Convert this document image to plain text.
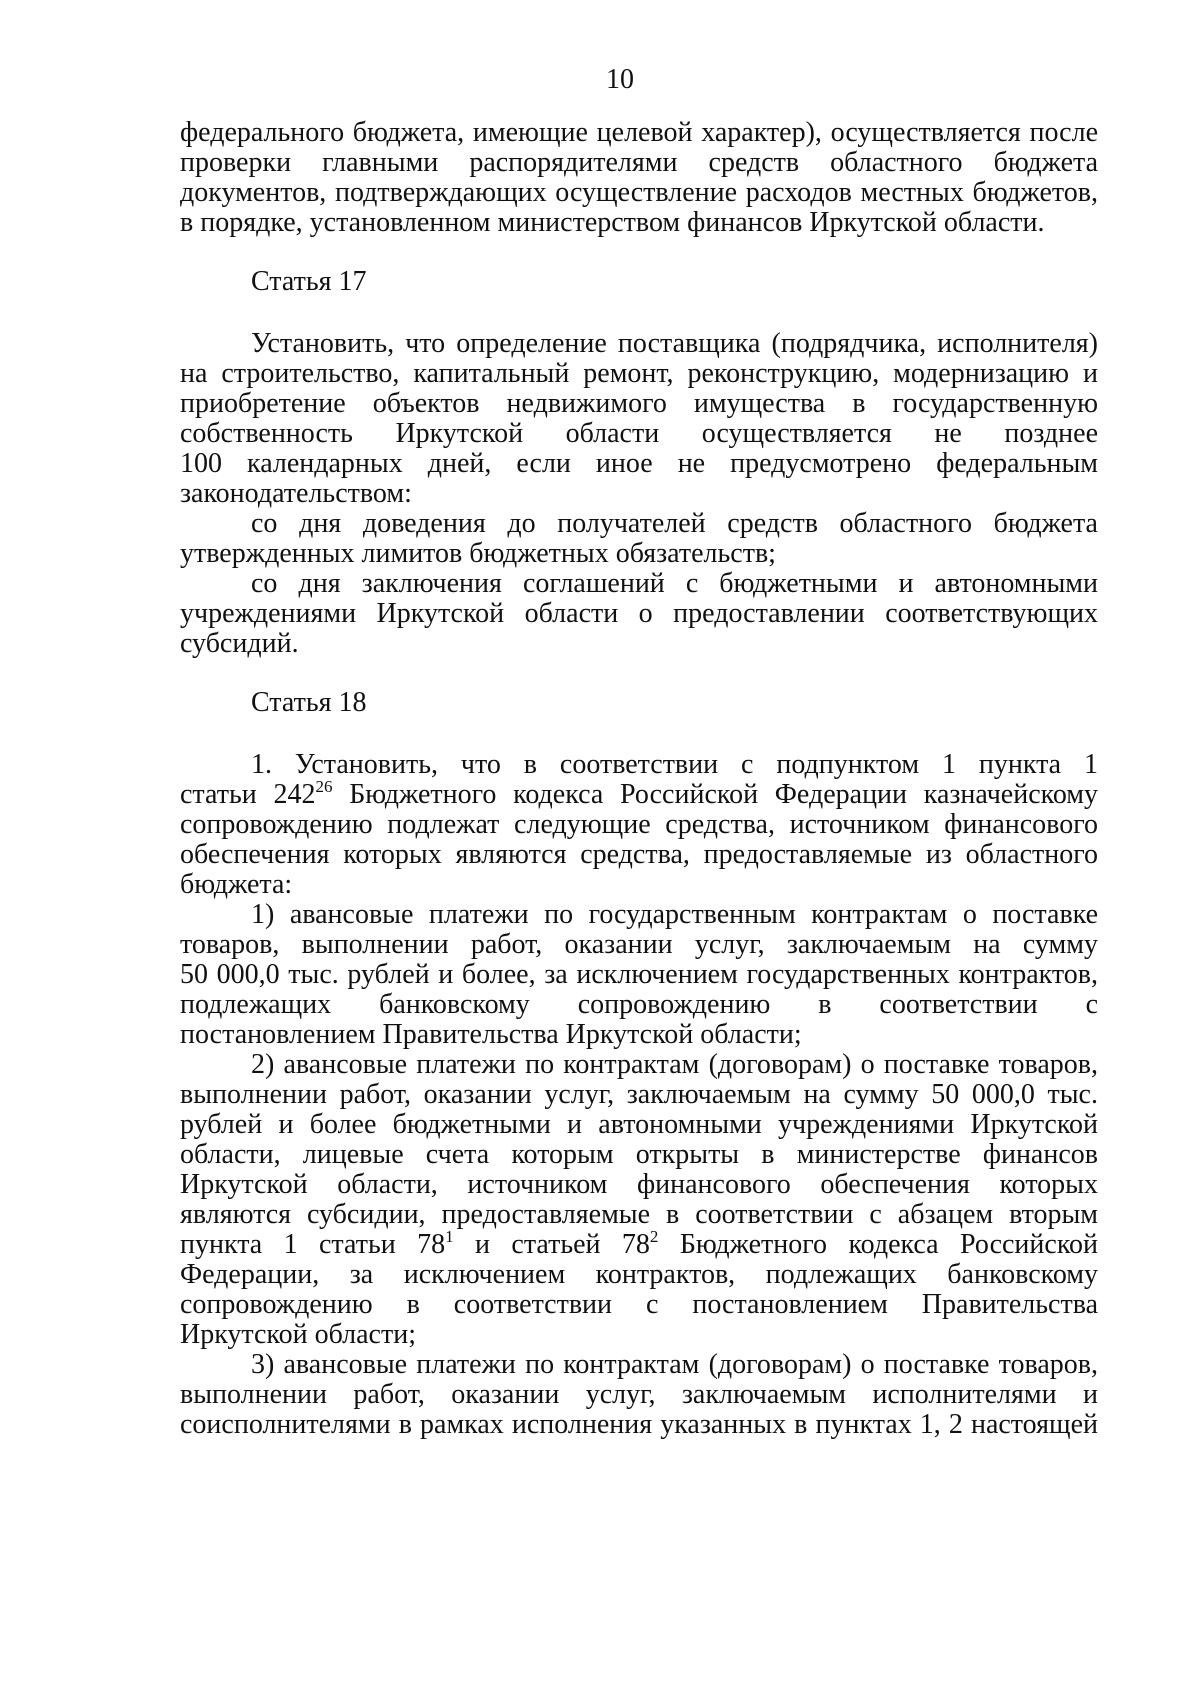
10
федерального бюджета, имеющие целевой характер), осуществляется после
проверки главными распорядителями средств областного бюджета
документов, подтверждающих осуществление расходов местных бюджетов,
в порядке, установленном министерством финансов Иркутской области.
Статья 17
Установить, что определение поставщика (подрядчика, исполнителя)
на строительство, капитальный ремонт, реконструкцию, модернизацию и
приобретение объектов недвижимого имущества в государственную
собственность Иркутской области осуществляется не позднее
100 календарных дней, если иное не предусмотрено федеральным
законодательством:
со дня доведения до получателей средств областного бюджета
утвержденных лимитов бюджетных обязательств;
со дня заключения соглашений с бюджетными и автономными
учреждениями Иркутской области о предоставлении соответствующих
субсидий.
Статья 18
1. Установить, что в соответствии с подпунктом 1 пункта 1
статьи $242^{26}$ Бюджетного кодекса Российской Федерации казначейскому
сопровождению подлежат следующие средства, источником финансового
обеспечения которых являются средства, предоставляемые из областного
бюджета:
1) авансовые платежи по государственным контрактам о поставке
товаров, выполнении работ, оказании услуг, заключаемым на сумму
50 000,0 тыс. рублей и более, за исключением государственных контрактов,
подлежащих банковскому сопровождению в соответствии с
постановлением Правительства Иркутской области;
2) авансовые платежи по контрактам (договорам) о поставке товаров,
выполнении работ, оказании услуг, заключаемым на сумму 50 000,0 тыс.
рублей и более бюджетными и автономными учреждениями Иркутской
области, лицевые счета которым открыты в министерстве финансов
Иркутской области, источником финансового обеспечения которых
являются субсидии, предоставляемые в соответствии с абзацем вторым
пункта 1 статьи $78^1$ и статьей $78^2$ Бюджетного кодекса Российской
Федерации, за исключением контрактов, подлежащих банковскому
сопровождению в соответствии с постановлением Правительства
Иркутской области;
3) авансовые платежи по контрактам (договорам) о поставке товаров,
выполнении работ, оказании услуг, заключаемым исполнителями и
соисполнителями в рамках исполнения указанных в пунктах 1, 2 настоящей
